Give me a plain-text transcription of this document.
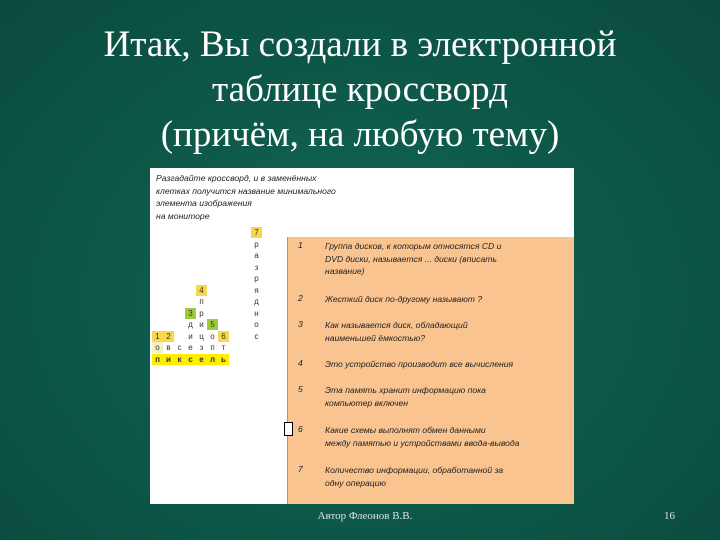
Итак, Вы создали в электронной
таблице кроссворд
(причём, на любую тему)
Разгадайте кроссворд, и в заменённых
клетках получится название минимального
элемента изображения
на мониторе
7
р
а
з
р
4	я
п	д
3 р	н
д и 5	о
1 2	и ц о 6	с
о в с е з п т
п и к с е л ь
1	Группа дисков, к которым относятся CD и
DVD диски, называется ... диски (вписать
название)
2	Жесткий диск по-другому называют ?
3	Как называется диск, обладающий
наименьшей ёмкостью?
4	Это устройство производит все вычисления
5	Эта память хранит информацию пока
компьютер включен
6	Какие схемы выполнят обмен данными
между памятью и устройствами ввода-вывода
7	Количество информации, обработанной за
одну операцию
Автор Флеонов В.В.	16
